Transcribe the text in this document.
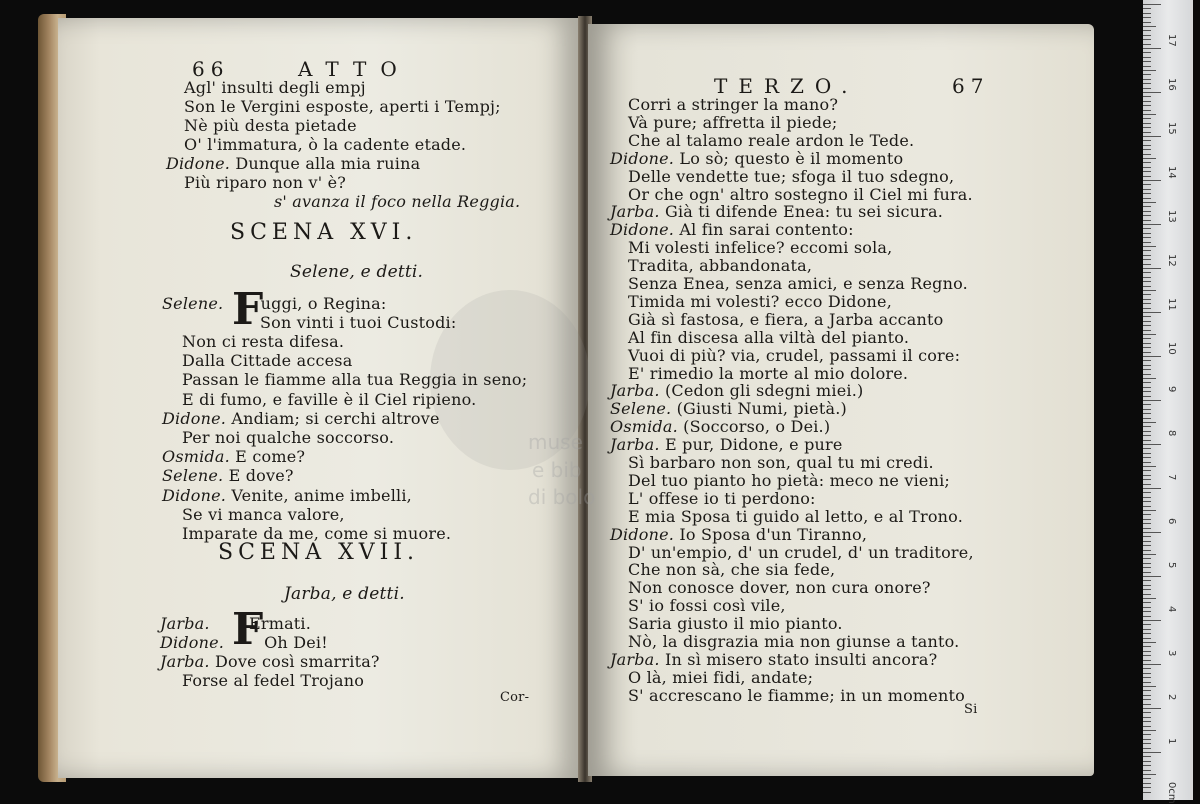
muse
e bib
di bolo
66	ATTO
Agl' insulti degli empj
Son le Vergini esposte, aperti i Tempj;
Nè più desta pietade
O' l'immatura, ò la cadente etade.
Didone. Dunque alla mia ruina
Più riparo non v' è?
s' avanza il foco nella Reggia.
SCENA XVI.
Selene, e detti.
Selene. F
uggi, o Regina:
Son vinti i tuoi Custodi:
Non ci resta difesa.
Dalla Cittade accesa
Passan le fiamme alla tua Reggia in seno;
E di fumo, e faville è il Ciel ripieno.
Didone. Andiam; si cerchi altrove
Per noi qualche soccorso.
Osmida. E come?
Selene. E dove?
Didone. Venite, anime imbelli,
Se vi manca valore,
Imparate da me, come si muore.
SCENA XVII.
Jarba, e detti.
Jarba. F
Ermati.
Didone.	Oh Dei!
Jarba. Dove così smarrita?
Forse al fedel Trojano
Cor-
TERZO.	67
Corri a stringer la mano?
Và pure; affretta il piede;
Che al talamo reale ardon le Tede.
Didone. Lo sò; questo è il momento
Delle vendette tue; sfoga il tuo sdegno,
Or che ogn' altro sostegno il Ciel mi fura.
Jarba. Già ti difende Enea: tu sei sicura.
Didone. Al fin sarai contento:
Mi volesti infelice? eccomi sola,
Tradita, abbandonata,
Senza Enea, senza amici, e senza Regno.
Timida mi volesti? ecco Didone,
Già sì fastosa, e fiera, a Jarba accanto
Al fin discesa alla viltà del pianto.
Vuoi di più? via, crudel, passami il core:
E' rimedio la morte al mio dolore.
Jarba. (Cedon gli sdegni miei.)
Selene. (Giusti Numi, pietà.)
Osmida. (Soccorso, o Dei.)
Jarba. E pur, Didone, e pure
Sì barbaro non son, qual tu mi credi.
Del tuo pianto ho pietà: meco ne vieni;
L' offese io ti perdono:
E mia Sposa ti guido al letto, e al Trono.
Didone. Io Sposa d'un Tiranno,
D' un'empio, d' un crudel, d' un traditore,
Che non sà, che sia fede,
Non conosce dover, non cura onore?
S' io fossi così vile,
Saria giusto il mio pianto.
Nò, la disgrazia mia non giunse a tanto.
Jarba. In sì misero stato insulti ancora?
O là, miei fidi, andate;
S' accrescano le fiamme; in un momento
Si
17
16
15
14
13
12
11
10
9
8
7
6
5
4
3
2
1
0cm
